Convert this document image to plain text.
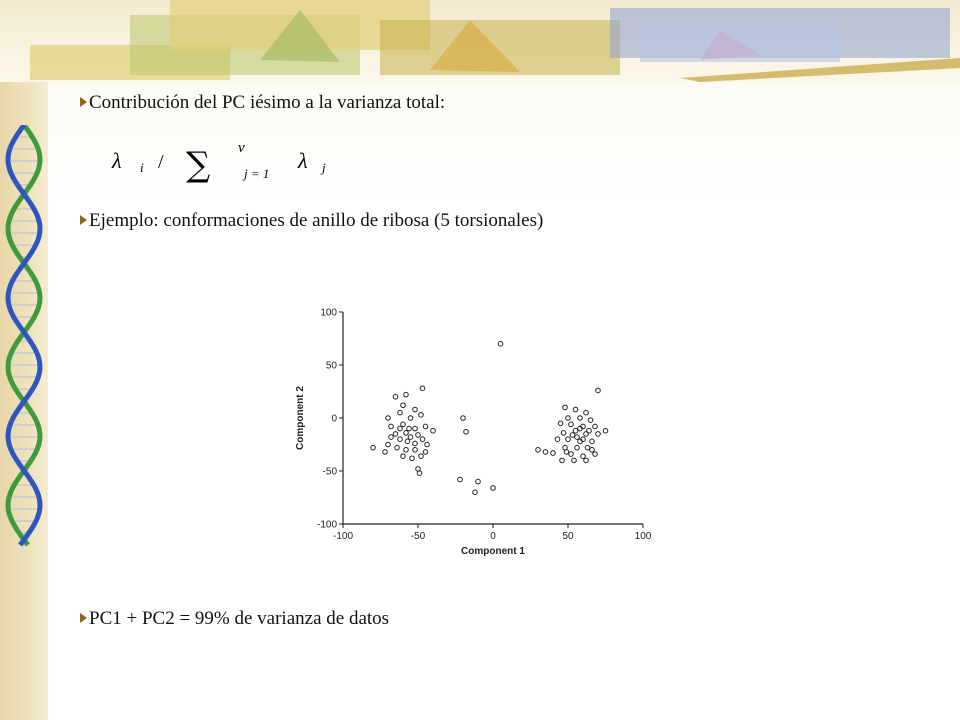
Contribución del PC iésimo a la varianza total:
λ i / ∑ ν
j = 1
λ j
Ejemplo: conformaciones de anillo de ribosa (5 torsionales)
-100	-50	0	50	100
100
50
0
-50
-100
Component 1
Component 2
PC1 + PC2 = 99% de varianza de datos
